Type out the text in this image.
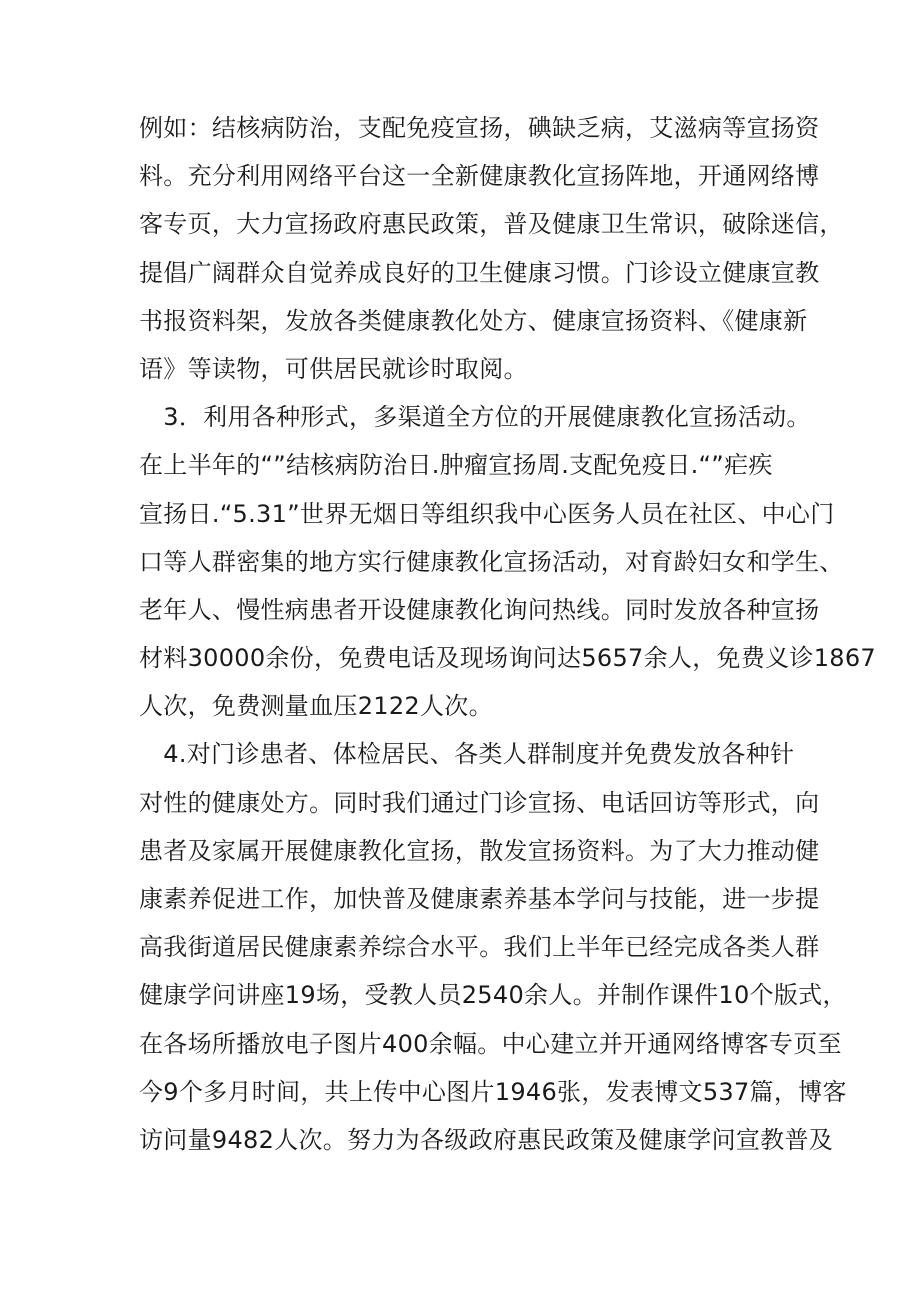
例如：结核病防治，支配免疫宣扬，碘缺乏病，艾滋病等宣扬资
料。充分利用网络平台这一全新健康教化宣扬阵地，开通网络博
客专页，大力宣扬政府惠民政策，普及健康卫生常识，破除迷信，
提倡广阔群众自觉养成良好的卫生健康习惯。门诊设立健康宣教
书报资料架，发放各类健康教化处方、健康宣扬资料、《健康新
语》等读物，可供居民就诊时取阅。
　3．利用各种形式，多渠道全方位的开展健康教化宣扬活动。
在上半年的“”结核病防治日.肿瘤宣扬周.支配免疫日.“”疟疾
宣扬日.“5.31”世界无烟日等组织我中心医务人员在社区、中心门
口等人群密集的地方实行健康教化宣扬活动，对育龄妇女和学生、
老年人、慢性病患者开设健康教化询问热线。同时发放各种宣扬
材料30000余份，免费电话及现场询问达5657余人，免费义诊1867
人次，免费测量血压2122人次。
　4.对门诊患者、体检居民、各类人群制度并免费发放各种针
对性的健康处方。同时我们通过门诊宣扬、电话回访等形式，向
患者及家属开展健康教化宣扬，散发宣扬资料。为了大力推动健
康素养促进工作，加快普及健康素养基本学问与技能，进一步提
高我街道居民健康素养综合水平。我们上半年已经完成各类人群
健康学问讲座19场，受教人员2540余人。并制作课件10个版式，
在各场所播放电子图片400余幅。中心建立并开通网络博客专页至
今9个多月时间，共上传中心图片1946张，发表博文537篇，博客
访问量9482人次。努力为各级政府惠民政策及健康学问宣教普及
